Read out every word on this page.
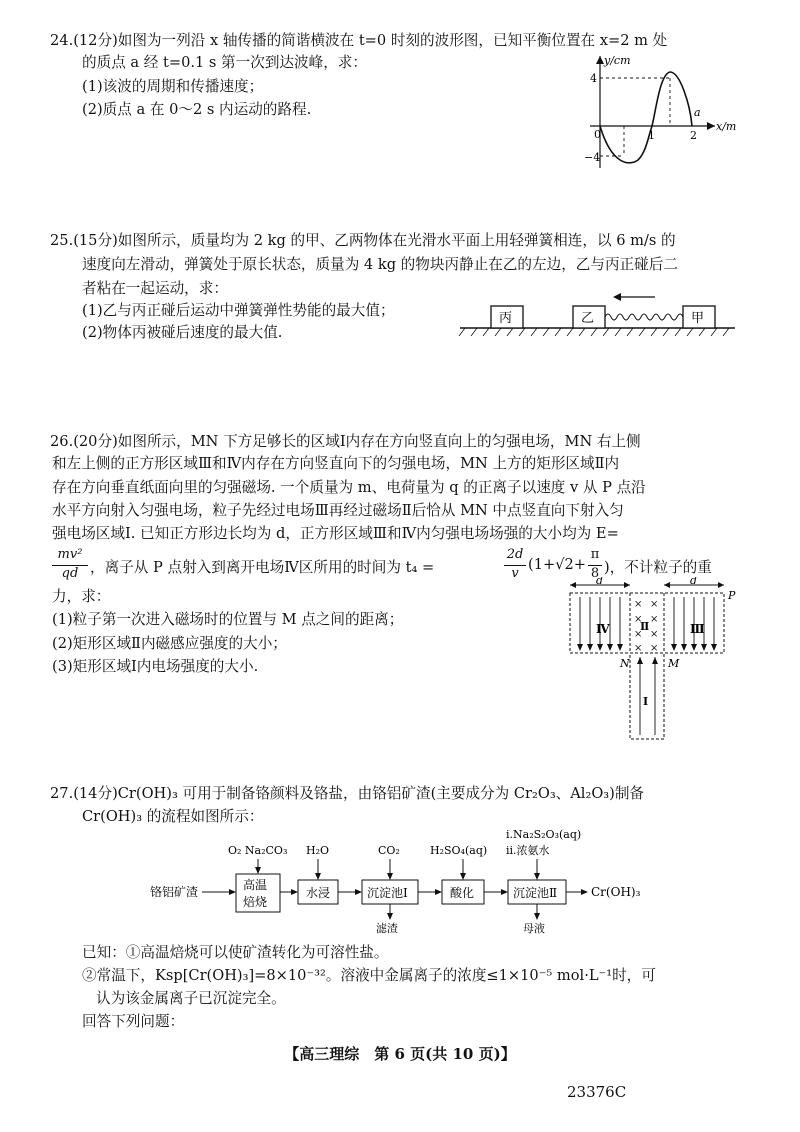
24.(12分)如图为一列沿 x 轴传播的简谐横波在 t=0 时刻的波形图，已知平衡位置在 x=2 m 处
的质点 a 经 t=0.1 s 第一次到达波峰，求：
(1)该波的周期和传播速度；
(2)质点 a 在 0～2 s 内运动的路程.
y/cm
x/m
4
−4
0	1	2
a
25.(15分)如图所示，质量均为 2 kg 的甲、乙两物体在光滑水平面上用轻弹簧相连，以 6 m/s 的
速度向左滑动，弹簧处于原长状态，质量为 4 kg 的物块丙静止在乙的左边，乙与丙正碰后二
者粘在一起运动，求：
(1)乙与丙正碰后运动中弹簧弹性势能的最大值；
(2)物体丙被碰后速度的最大值.
丙	乙	甲
26.(20分)如图所示，MN 下方足够长的区域Ⅰ内存在方向竖直向上的匀强电场，MN 右上侧
和左上侧的正方形区域Ⅲ和Ⅳ内存在方向竖直向下的匀强电场，MN 上方的矩形区域Ⅱ内
存在方向垂直纸面向里的匀强磁场. 一个质量为 m、电荷量为 q 的正离子以速度 v 从 P 点沿
水平方向射入匀强电场，粒子先经过电场Ⅲ再经过磁场Ⅱ后恰从 MN 中点竖直向下射入匀
强电场区域Ⅰ. 已知正方形边长均为 d，正方形区域Ⅲ和Ⅳ内匀强电场场强的大小均为 E=
mv²
qd ，离子从 P 点射入到离开电场Ⅳ区所用的时间为 t₄ =
2d
v
(1+√2+
π
8 )，不计粒子的重
力，求：
(1)粒子第一次进入磁场时的位置与 M 点之间的距离；
(2)矩形区域Ⅱ内磁感应强度的大小；
(3)矩形区域Ⅰ内电场强度的大小.
d	d
× ×
× ×
× ×
× ×
Ⅳ	Ⅱ	Ⅲ
P
N	M
Ⅰ
27.(14分)Cr(OH)₃ 可用于制备铬颜料及铬盐，由铬铝矿渣(主要成分为 Cr₂O₃、Al₂O₃)制备
Cr(OH)₃ 的流程如图所示：
铬铝矿渣	高温
焙烧
O₂ Na₂CO₃
水浸
H₂O
沉淀池Ⅰ
CO₂
滤渣
酸化
H₂SO₄(aq)
沉淀池Ⅱ
ⅰ.Na₂S₂O₃(aq)
ⅱ.浓氨水
母液
Cr(OH)₃
已知：①高温焙烧可以使矿渣转化为可溶性盐。
②常温下，Ksp[Cr(OH)₃]=8×10⁻³²。溶液中金属离子的浓度≤1×10⁻⁵ mol·L⁻¹时，可
认为该金属离子已沉淀完全。
回答下列问题：
【高三理综　第 6 页(共 10 页)】
23376C
